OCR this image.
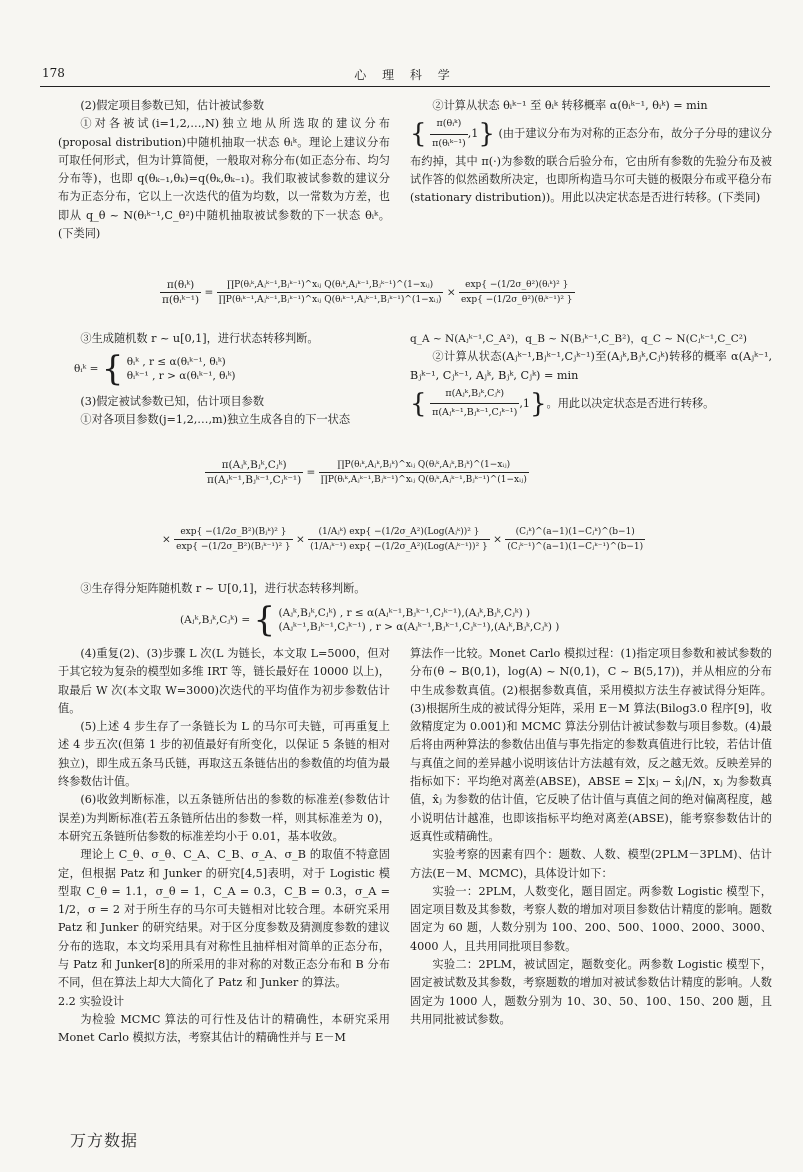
178	心 理 科 学

(2)假定项目参数已知，估计被试参数

①对各被试(i=1,2,…,N)独立地从所选取的建议分布(proposal distribution)中随机抽取一状态 θᵢᵏ。理论上建议分布可取任何形式，但为计算简便，一般取对称分布(如正态分布、均匀分布等)，也即 q(θₖ₋₁,θₖ)=q(θₖ,θₖ₋₁)。我们取被试参数的建议分布为正态分布，它以上一次迭代的值为均数，以一常数为方差，也即从 q_θ ~ N(θᵢᵏ⁻¹,C_θ²)中随机抽取被试参数的下一状态 θᵢᵏ。(下类同)

②计算从状态 θᵢᵏ⁻¹ 至 θᵢᵏ 转移概率 α(θᵢᵏ⁻¹, θᵢᵏ) = min

{ $\frac{\text{π(θᵢᵏ)}}{\text{π(θᵢᵏ⁻¹)}} ,1$} (由于建议分布为对称的正态分布，故分子分母的建议分布约掉，其中 π(·)为参数的联合后验分布，它由所有参数的先验分布及被试作答的似然函数所决定，也即所构造马尔可夫链的极限分布或平稳分布(stationary distribution))。用此以决定状态是否进行转移。(下类同)

$\frac{\text{π(θᵢᵏ)}}{\text{π(θᵢᵏ⁻¹)}} = \frac{\text{∏P(θᵢᵏ,Aⱼᵏ⁻¹,Bⱼᵏ⁻¹)\textasciicircum{}xᵢⱼ Q(θᵢᵏ,Aⱼᵏ⁻¹,Bⱼᵏ⁻¹)\textasciicircum{}(1−xᵢⱼ)}}{\text{∏P(θᵢᵏ⁻¹,Aⱼᵏ⁻¹,Bⱼᵏ⁻¹)\textasciicircum{}xᵢⱼ Q(θᵢᵏ⁻¹,Aⱼᵏ⁻¹,Bⱼᵏ⁻¹)\textasciicircum{}(1−xᵢⱼ)}} \times \frac{\text{exp\{ −(1/2σ\_θ²)(θᵢᵏ)² \}}}{\text{exp\{ −(1/2σ\_θ²)(θᵢᵏ⁻¹)² \}}}$

③生成随机数 r ~ u[0,1]，进行状态转移判断。

θᵢᵏ = { θᵢᵏ , r ≤ α(θᵢᵏ⁻¹, θᵢᵏ)
θᵢᵏ⁻¹ , r > α(θᵢᵏ⁻¹, θᵢᵏ)

(3)假定被试参数已知，估计项目参数

①对各项目参数(j=1,2,…,m)独立生成各自的下一状态

q_A ~ N(Aⱼᵏ⁻¹,C_A²)，q_B ~ N(Bⱼᵏ⁻¹,C_B²)，q_C ~ N(Cⱼᵏ⁻¹,C_C²)

②计算从状态(Aⱼᵏ⁻¹,Bⱼᵏ⁻¹,Cⱼᵏ⁻¹)至(Aⱼᵏ,Bⱼᵏ,Cⱼᵏ)转移的概率 α(Aⱼᵏ⁻¹, Bⱼᵏ⁻¹, Cⱼᵏ⁻¹, Aⱼᵏ, Bⱼᵏ, Cⱼᵏ) = min

{ $\frac{\text{π(Aⱼᵏ,Bⱼᵏ,Cⱼᵏ)}}{\text{π(Aⱼᵏ⁻¹,Bⱼᵏ⁻¹,Cⱼᵏ⁻¹)}} ,1$}。用此以决定状态是否进行转移。

$\frac{\text{π(Aⱼᵏ,Bⱼᵏ,Cⱼᵏ)}}{\text{π(Aⱼᵏ⁻¹,Bⱼᵏ⁻¹,Cⱼᵏ⁻¹)}} = \frac{\text{∏P(θᵢᵏ,Aⱼᵏ,Bⱼᵏ)\textasciicircum{}xᵢⱼ Q(θᵢᵏ,Aⱼᵏ,Bⱼᵏ)\textasciicircum{}(1−xᵢⱼ)}}{\text{∏P(θᵢᵏ,Aⱼᵏ⁻¹,Bⱼᵏ⁻¹)\textasciicircum{}xᵢⱼ Q(θᵢᵏ,Aⱼᵏ⁻¹,Bⱼᵏ⁻¹)\textasciicircum{}(1−xᵢⱼ)}}$
× $\frac{\text{exp\{ −(1/2σ\_B²)(Bⱼᵏ)² \}}}{\text{exp\{ −(1/2σ\_B²)(Bⱼᵏ⁻¹)² \}}} \times \frac{\text{(1/Aⱼᵏ) exp\{ −(1/2σ\_A²)(Log(Aⱼᵏ))² \}}}{\text{(1/Aⱼᵏ⁻¹) exp\{ −(1/2σ\_A²)(Log(Aⱼᵏ⁻¹))² \}}} \times \frac{\text{(Cⱼᵏ)\textasciicircum{}(a−1)(1−Cⱼᵏ)\textasciicircum{}(b−1)}}{\text{(Cⱼᵏ⁻¹)\textasciicircum{}(a−1)(1−Cⱼᵏ⁻¹)\textasciicircum{}(b−1)}}$

③生存得分矩阵随机数 r ~ U[0,1]，进行状态转移判断。

(Aⱼᵏ,Bⱼᵏ,Cⱼᵏ) = { (Aⱼᵏ,Bⱼᵏ,Cⱼᵏ) , r ≤ α(Aⱼᵏ⁻¹,Bⱼᵏ⁻¹,Cⱼᵏ⁻¹),(Aⱼᵏ,Bⱼᵏ,Cⱼᵏ) )
(Aⱼᵏ⁻¹,Bⱼᵏ⁻¹,Cⱼᵏ⁻¹) , r > α(Aⱼᵏ⁻¹,Bⱼᵏ⁻¹,Cⱼᵏ⁻¹),(Aⱼᵏ,Bⱼᵏ,Cⱼᵏ) )

(4)重复(2)、(3)步骤 L 次(L 为链长，本文取 L=5000，但对于其它较为复杂的模型如多维 IRT 等，链长最好在 10000 以上)，取最后 W 次(本文取 W=3000)次迭代的平均值作为初步参数估计值。

(5)上述 4 步生存了一条链长为 L 的马尔可夫链，可再重复上述 4 步五次(但第 1 步的初值最好有所变化，以保证 5 条链的相对独立)，即生成五条马氏链，再取这五条链估出的参数值的均值为最终参数估计值。

(6)收敛判断标准，以五条链所估出的参数的标准差(参数估计误差)为判断标准(若五条链所估出的参数一样，则其标准差为 0)，本研究五条链所估参数的标准差均小于 0.01，基本收敛。

理论上 C_θ、σ_θ、C_A、C_B、σ_A、σ_B 的取值不特意固定，但根据 Patz 和 Junker 的研究[4,5]表明，对于 Logistic 模型取 C_θ = 1.1，σ_θ = 1，C_A = 0.3，C_B = 0.3，σ_A = 1/2，σ = 2 对于所生存的马尔可夫链相对比较合理。本研究采用 Patz 和 Junker 的研究结果。对于区分度参数及猜测度参数的建议分布的选取，本文均采用具有对称性且抽样相对简单的正态分布，与 Patz 和 Junker[8]的所采用的非对称的对数正态分布和 B 分布不同，但在算法上却大大简化了 Patz 和 Junker 的算法。

2.2 实验设计

为检验 MCMC 算法的可行性及估计的精确性，本研究采用 Monet Carlo 模拟方法，考察其估计的精确性并与 E－M

算法作一比较。Monet Carlo 模拟过程：(1)指定项目参数和被试参数的分布(θ ~ B(0,1)，log(A) ~ N(0,1)，C ~ B(5,17))，并从相应的分布中生成参数真值。(2)根据参数真值，采用模拟方法生存被试得分矩阵。(3)根据所生成的被试得分矩阵，采用 E－M 算法(Bilog3.0 程序[9]，收敛精度定为 0.001)和 MCMC 算法分别估计被试参数与项目参数。(4)最后将由两种算法的参数估出值与事先指定的参数真值进行比较，若估计值与真值之间的差异越小说明该估计方法越有效，反之越无效。反映差异的指标如下：平均绝对离差(ABSE)，ABSE = Σ|xⱼ − x̂ⱼ|/N，xⱼ 为参数真值，x̂ⱼ 为参数的估计值，它反映了估计值与真值之间的绝对偏离程度，越小说明估计越准，也即该指标平均绝对离差(ABSE)，能考察参数估计的返真性或精确性。

实验考察的因素有四个：题数、人数、模型(2PLM－3PLM)、估计方法(E－M、MCMC)，具体设计如下：

实验一：2PLM，人数变化，题目固定。两参数 Logistic 模型下，固定项目数及其参数，考察人数的增加对项目参数估计精度的影响。题数固定为 60 题，人数分别为 100、200、500、1000、2000、3000、4000 人，且共用同批项目参数。

实验二：2PLM，被试固定，题数变化。两参数 Logistic 模型下，固定被试数及其参数，考察题数的增加对被试参数估计精度的影响。人数固定为 1000 人，题数分别为 10、30、50、100、150、200 题，且共用同批被试参数。

万方数据
